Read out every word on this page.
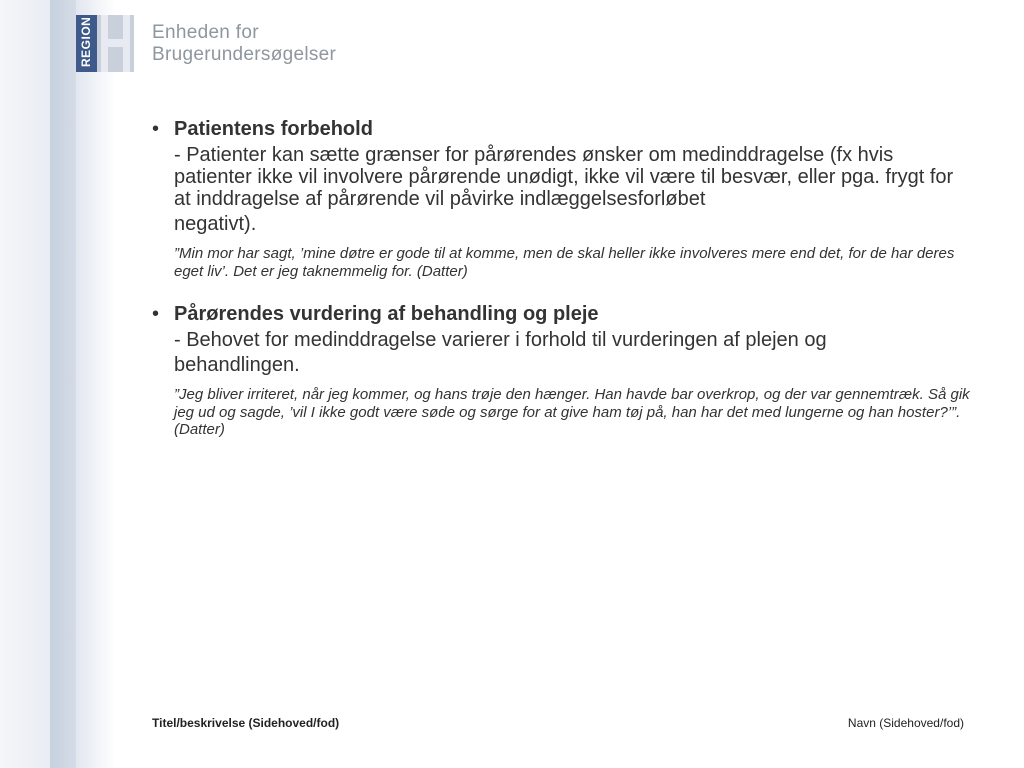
REGION	Enheden for
Brugerundersøgelser
• Patientens forbehold
- Patienter kan sætte grænser for pårørendes ønsker om medinddragelse (fx hvis patienter ikke vil involvere pårørende unødigt, ikke vil være til besvær, eller pga. frygt for at inddragelse af pårørende vil påvirke indlæggelsesforløbet
negativt).
”Min mor har sagt, ’mine døtre er gode til at komme, men de skal heller ikke involveres mere end det, for de har deres eget liv’. Det er jeg taknemmelig for. (Datter)
• Pårørendes vurdering af behandling og pleje
- Behovet for medinddragelse varierer i forhold til vurderingen af plejen og
behandlingen.
”Jeg bliver irriteret, når jeg kommer, og hans trøje den hænger. Han havde bar overkrop, og der var gennemtræk. Så gik jeg ud og sagde, ’vil I ikke godt være søde og sørge for at give ham tøj på, han har det med lungerne og han hoster?’”. (Datter)
Titel/beskrivelse (Sidehoved/fod)	Navn (Sidehoved/fod)
